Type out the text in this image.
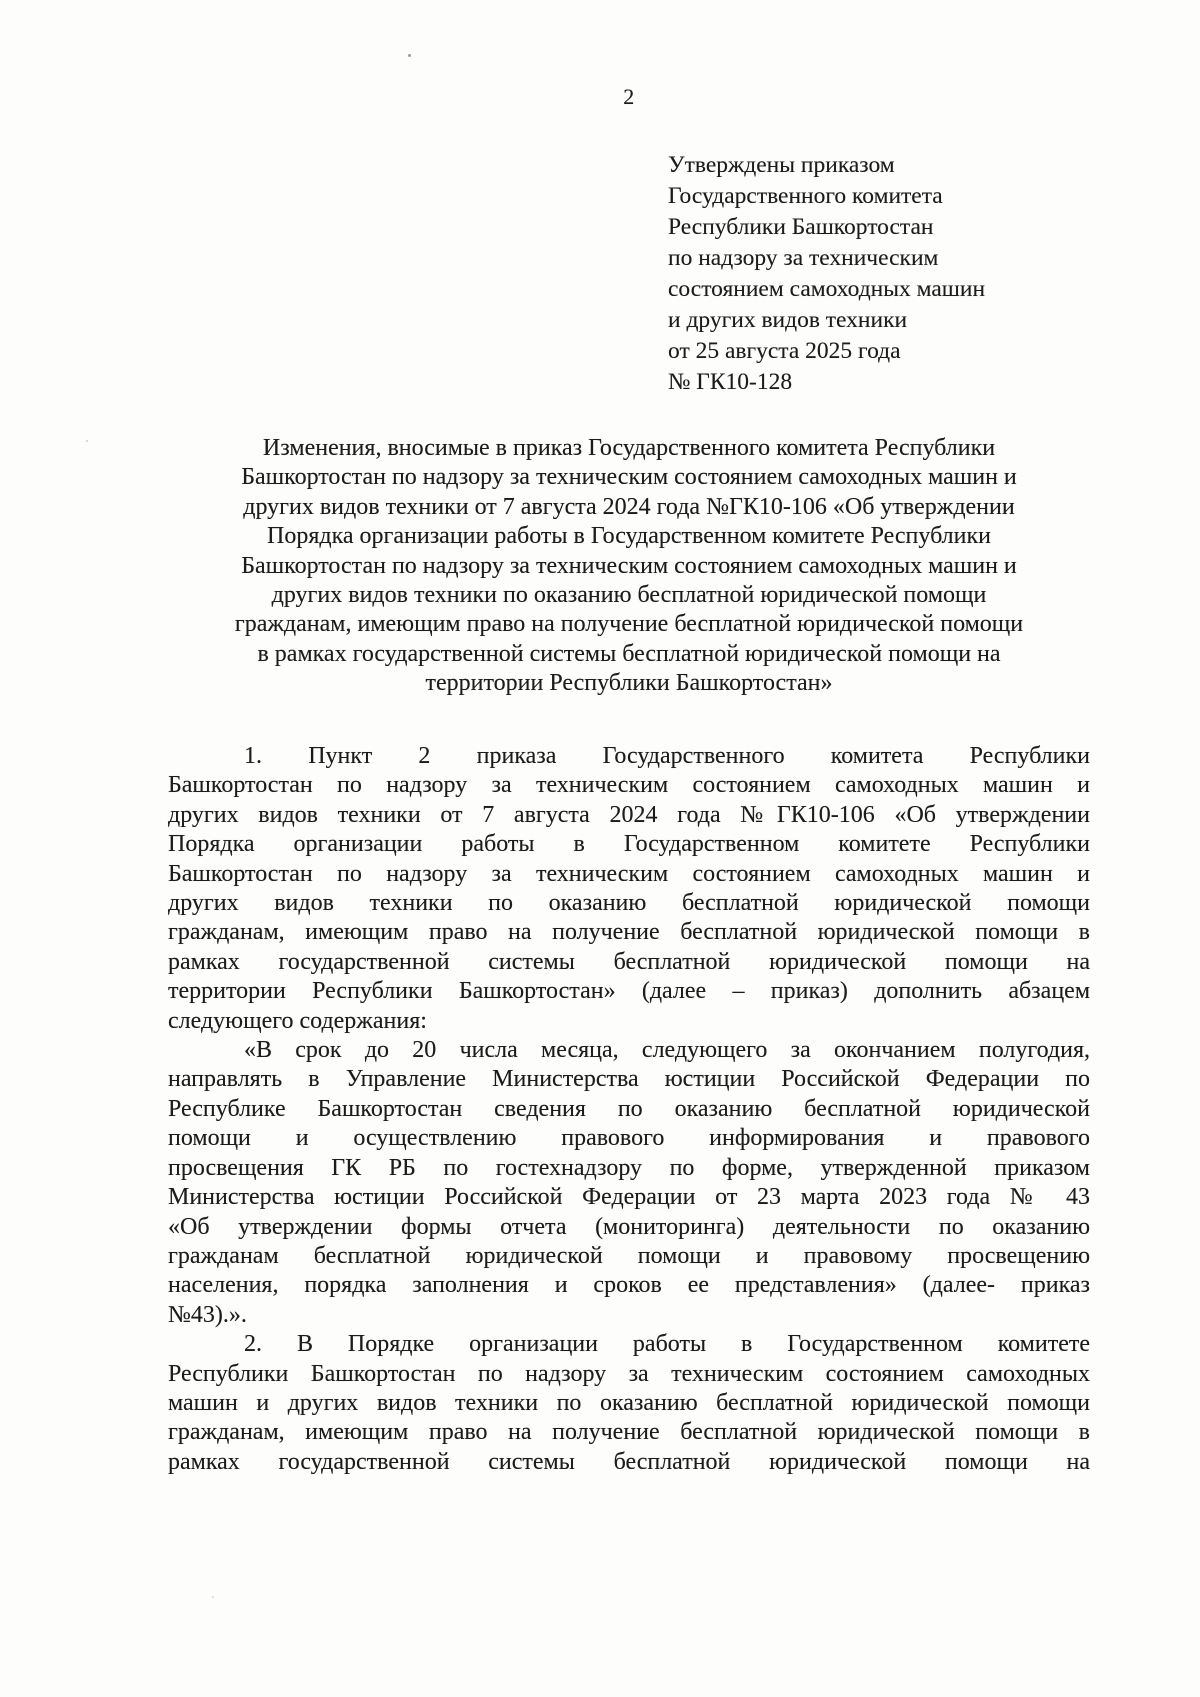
2
Утверждены приказом
Государственного комитета
Республики Башкортостан
по надзору за техническим
состоянием самоходных машин
и других видов техники
от 25 августа 2025 года
№ ГК10-128
Изменения, вносимые в приказ Государственного комитета Республики
Башкортостан по надзору за техническим состоянием самоходных машин и
других видов техники от 7 августа 2024 года №ГК10-106 «Об утверждении
Порядка организации работы в Государственном комитете Республики
Башкортостан по надзору за техническим состоянием самоходных машин и
других видов техники по оказанию бесплатной юридической помощи
гражданам, имеющим право на получение бесплатной юридической помощи
в рамках государственной системы бесплатной юридической помощи на
территории Республики Башкортостан»
1. Пункт 2 приказа Государственного комитета Республики
Башкортостан по надзору за техническим состоянием самоходных машин и
других видов техники от 7 августа 2024 года №ГК10-106 «Об утверждении
Порядка организации работы в Государственном комитете Республики
Башкортостан по надзору за техническим состоянием самоходных машин и
других видов техники по оказанию бесплатной юридической помощи
гражданам, имеющим право на получение бесплатной юридической помощи в
рамках государственной системы бесплатной юридической помощи на
территории Республики Башкортостан» (далее – приказ) дополнить абзацем
следующего содержания:
«В срок до 20 числа месяца, следующего за окончанием полугодия,
направлять в Управление Министерства юстиции Российской Федерации по
Республике Башкортостан сведения по оказанию бесплатной юридической
помощи и осуществлению правового информирования и правового
просвещения ГК РБ по гостехнадзору по форме, утвержденной приказом
Министерства юстиции Российской Федерации от 23 марта 2023 года № 43
«Об утверждении формы отчета (мониторинга) деятельности по оказанию
гражданам бесплатной юридической помощи и правовому просвещению
населения, порядка заполнения и сроков ее представления» (далее- приказ
№43).».
2. В Порядке организации работы в Государственном комитете
Республики Башкортостан по надзору за техническим состоянием самоходных
машин и других видов техники по оказанию бесплатной юридической помощи
гражданам, имеющим право на получение бесплатной юридической помощи в
рамках государственной системы бесплатной юридической помощи на
